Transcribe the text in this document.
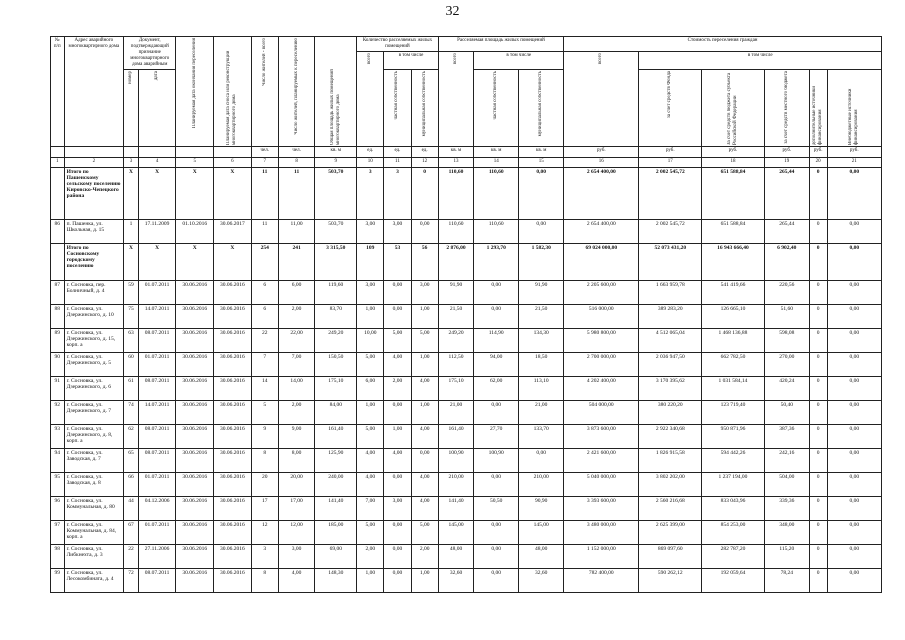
32
№ п/п	Адрес аварийного многоквартирного дома	Документ, подтверждающий признание многоквартирного дома аварийным		Планируемая дата окончания переселения	Планируемая дата сноса или реконструкции многоквартирного дома	Число жителей - всего	Число жителей, планируемых к переселению	Общая площадь жилых помещений многоквартирного дома	Количество расселяемых жилых помещений			Расселяемая площадь жилых помещений			Стоимость переселения граждан					

									всего	в том числе		всего	в том числе		всего	в том числе				

		номер	дата							частная собственность	муниципальная собственность		частная собственность	муниципальная собственность		за счет средств Фонда	За счет средств бюджета субъекта Российской Федерации	за счет средств местного бюджета	дополнительные источники финансирования	Внебюджетные источники финансирования

						чел.	чел.	кв. м	ед.	ед.	ед.	кв. м	кв. м	кв. м	руб.	руб.	руб.	руб.	руб.	руб.
1	2	3	4	5	6	7	8	9	10	11	12	13	14	15	16	17	18	19	20	21
	Итого по Пашенскому сельскому поселению Кировско-Чепецкого района	X	X	X	X	11	11	503,70	3	3	0	110,60	110,60	0,00	2 654 400,00	2 002 545,72	651 588,84	265,44	0	0,00
86	п. Пашенка, ул. Школьная, д. 15	1	17.11.2009	01.10.2016	30.06.2017	11	11,00	503,70	3,00	3,00	0,00	110,60	110,60	0,00	2 654 400,00	2 002 545,72	651 588,84	265,44	0	0,00
	Итого по Сосновскому городскому поселению	X	X	X	X	254	241	3 315,50	109	53	56	2 876,00	1 293,70	1 582,30	69 024 000,00	52 073 431,20	16 943 666,40	6 902,40	0	0,00
87	г. Сосновка, пер. Болничный, д. 4	59	01.07.2011	30.06.2016	30.06.2016	6	6,00	119,60	3,00	0,00	3,00	91,90	0,00	91,90	2 205 600,00	1 663 959,78	541 419,66	220,56	0	0,00
88	г. Сосновка, ул. Дзержинского, д. 10	75	14.07.2011	30.06.2016	30.06.2016	6	2,00	83,70	1,00	0,00	1,00	21,50	0,00	21,50	516 000,00	389 283,20	126 665,10	51,60	0	0,00
89	г. Сосновка, ул. Дзержинского, д. 15, корп. а	63	08.07.2011	30.06.2016	30.06.2016	22	22,00	249,20	10,00	5,00	5,00	249,20	114,90	134,30	5 980 800,00	4 512 065,04	1 468 136,88	598,08	0	0,00
90	г. Сосновка, ул. Дзержинского, д. 5	60	01.07.2011	30.06.2016	30.06.2016	7	7,00	150,50	5,00	4,00	1,00	112,50	94,00	18,50	2 700 000,00	2 036 947,50	662 782,50	270,00	0	0,00
91	г. Сосновка, ул. Дзержинского, д. 6	61	08.07.2011	30.06.2016	30.06.2016	14	14,00	175,10	6,00	2,00	4,00	175,10	62,00	113,10	4 202 400,00	3 170 395,62	1 031 584,14	420,24	0	0,00
92	г. Сосновка, ул. Дзержинского, д. 7	74	14.07.2011	30.06.2016	30.06.2016	5	2,00	84,00	1,00	0,00	1,00	21,00	0,00	21,00	504 000,00	380 220,20	123 719,40	50,40	0	0,00
93	г. Сосновка, ул. Дзержинского, д. 8, корп. а	62	08.07.2011	30.06.2016	30.06.2016	9	9,00	161,40	5,00	1,00	4,00	161,40	27,70	133,70	3 873 600,00	2 922 340,68	950 871,96	387,36	0	0,00
94	г. Сосновка, ул. Заводская, д. 7	65	08.07.2011	30.06.2016	30.06.2016	8	8,00	125,90	4,00	4,00	0,00	100,90	100,90	0,00	2 421 600,00	1 826 915,58	594 442,26	242,16	0	0,00
95	г. Сосновка, ул. Заводская, д. 8	66	01.07.2011	30.06.2016	30.06.2016	20	20,00	240,00	4,00	0,00	4,00	210,00	0,00	210,00	5 040 000,00	3 802 202,00	1 237 194,00	504,00	0	0,00
96	г. Сосновка, ул. Коммунальная, д. 80	44	04.12.2006	30.06.2016	30.06.2016	17	17,00	141,40	7,00	3,00	4,00	141,40	50,50	90,90	3 393 600,00	2 560 216,68	833 043,96	339,36	0	0,00
97	г. Сосновка, ул. Коммунальная, д. 84, корп. а	67	01.07.2011	30.06.2016	30.06.2016	12	12,00	185,00	5,00	0,00	5,00	145,00	0,00	145,00	3 480 000,00	2 625 399,00	854 253,00	348,00	0	0,00
98	г. Сосновка, ул. Либкнехта, д. 3	22	27.11.2006	30.06.2016	30.06.2016	3	3,00	69,00	2,00	0,00	2,00	48,00	0,00	48,00	1 152 000,00	869 097,60	282 787,20	115,20	0	0,00
99	г. Сосновка, ул. Лесокомбината, д. 4	72	08.07.2011	30.06.2016	30.06.2016	8	4,00	148,30	1,00	0,00	1,00	32,60	0,00	32,60	782 400,00	590 262,12	192 059,64	78,24	0	0,00
